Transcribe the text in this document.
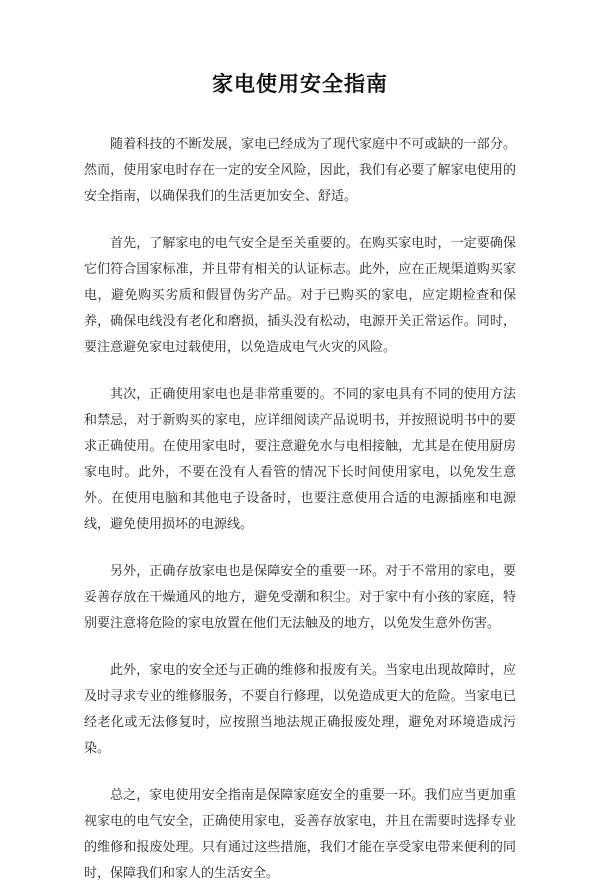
家电使用安全指南

随着科技的不断发展，家电已经成为了现代家庭中不可或缺的一部分。然而，使用家电时存在一定的安全风险，因此，我们有必要了解家电使用的安全指南，以确保我们的生活更加安全、舒适。

首先，了解家电的电气安全是至关重要的。在购买家电时，一定要确保它们符合国家标准，并且带有相关的认证标志。此外，应在正规渠道购买家电，避免购买劣质和假冒伪劣产品。对于已购买的家电，应定期检查和保养，确保电线没有老化和磨损，插头没有松动，电源开关正常运作。同时，要注意避免家电过载使用，以免造成电气火灾的风险。

其次，正确使用家电也是非常重要的。不同的家电具有不同的使用方法和禁忌，对于新购买的家电，应详细阅读产品说明书，并按照说明书中的要求正确使用。在使用家电时，要注意避免水与电相接触，尤其是在使用厨房家电时。此外，不要在没有人看管的情况下长时间使用家电，以免发生意外。在使用电脑和其他电子设备时，也要注意使用合适的电源插座和电源线，避免使用损坏的电源线。

另外，正确存放家电也是保障安全的重要一环。对于不常用的家电，要妥善存放在干燥通风的地方，避免受潮和积尘。对于家中有小孩的家庭，特别要注意将危险的家电放置在他们无法触及的地方，以免发生意外伤害。

此外，家电的安全还与正确的维修和报废有关。当家电出现故障时，应及时寻求专业的维修服务，不要自行修理，以免造成更大的危险。当家电已经老化或无法修复时，应按照当地法规正确报废处理，避免对环境造成污染。

总之，家电使用安全指南是保障家庭安全的重要一环。我们应当更加重视家电的电气安全，正确使用家电，妥善存放家电，并且在需要时选择专业的维修和报废处理。只有通过这些措施，我们才能在享受家电带来便利的同时，保障我们和家人的生活安全。
